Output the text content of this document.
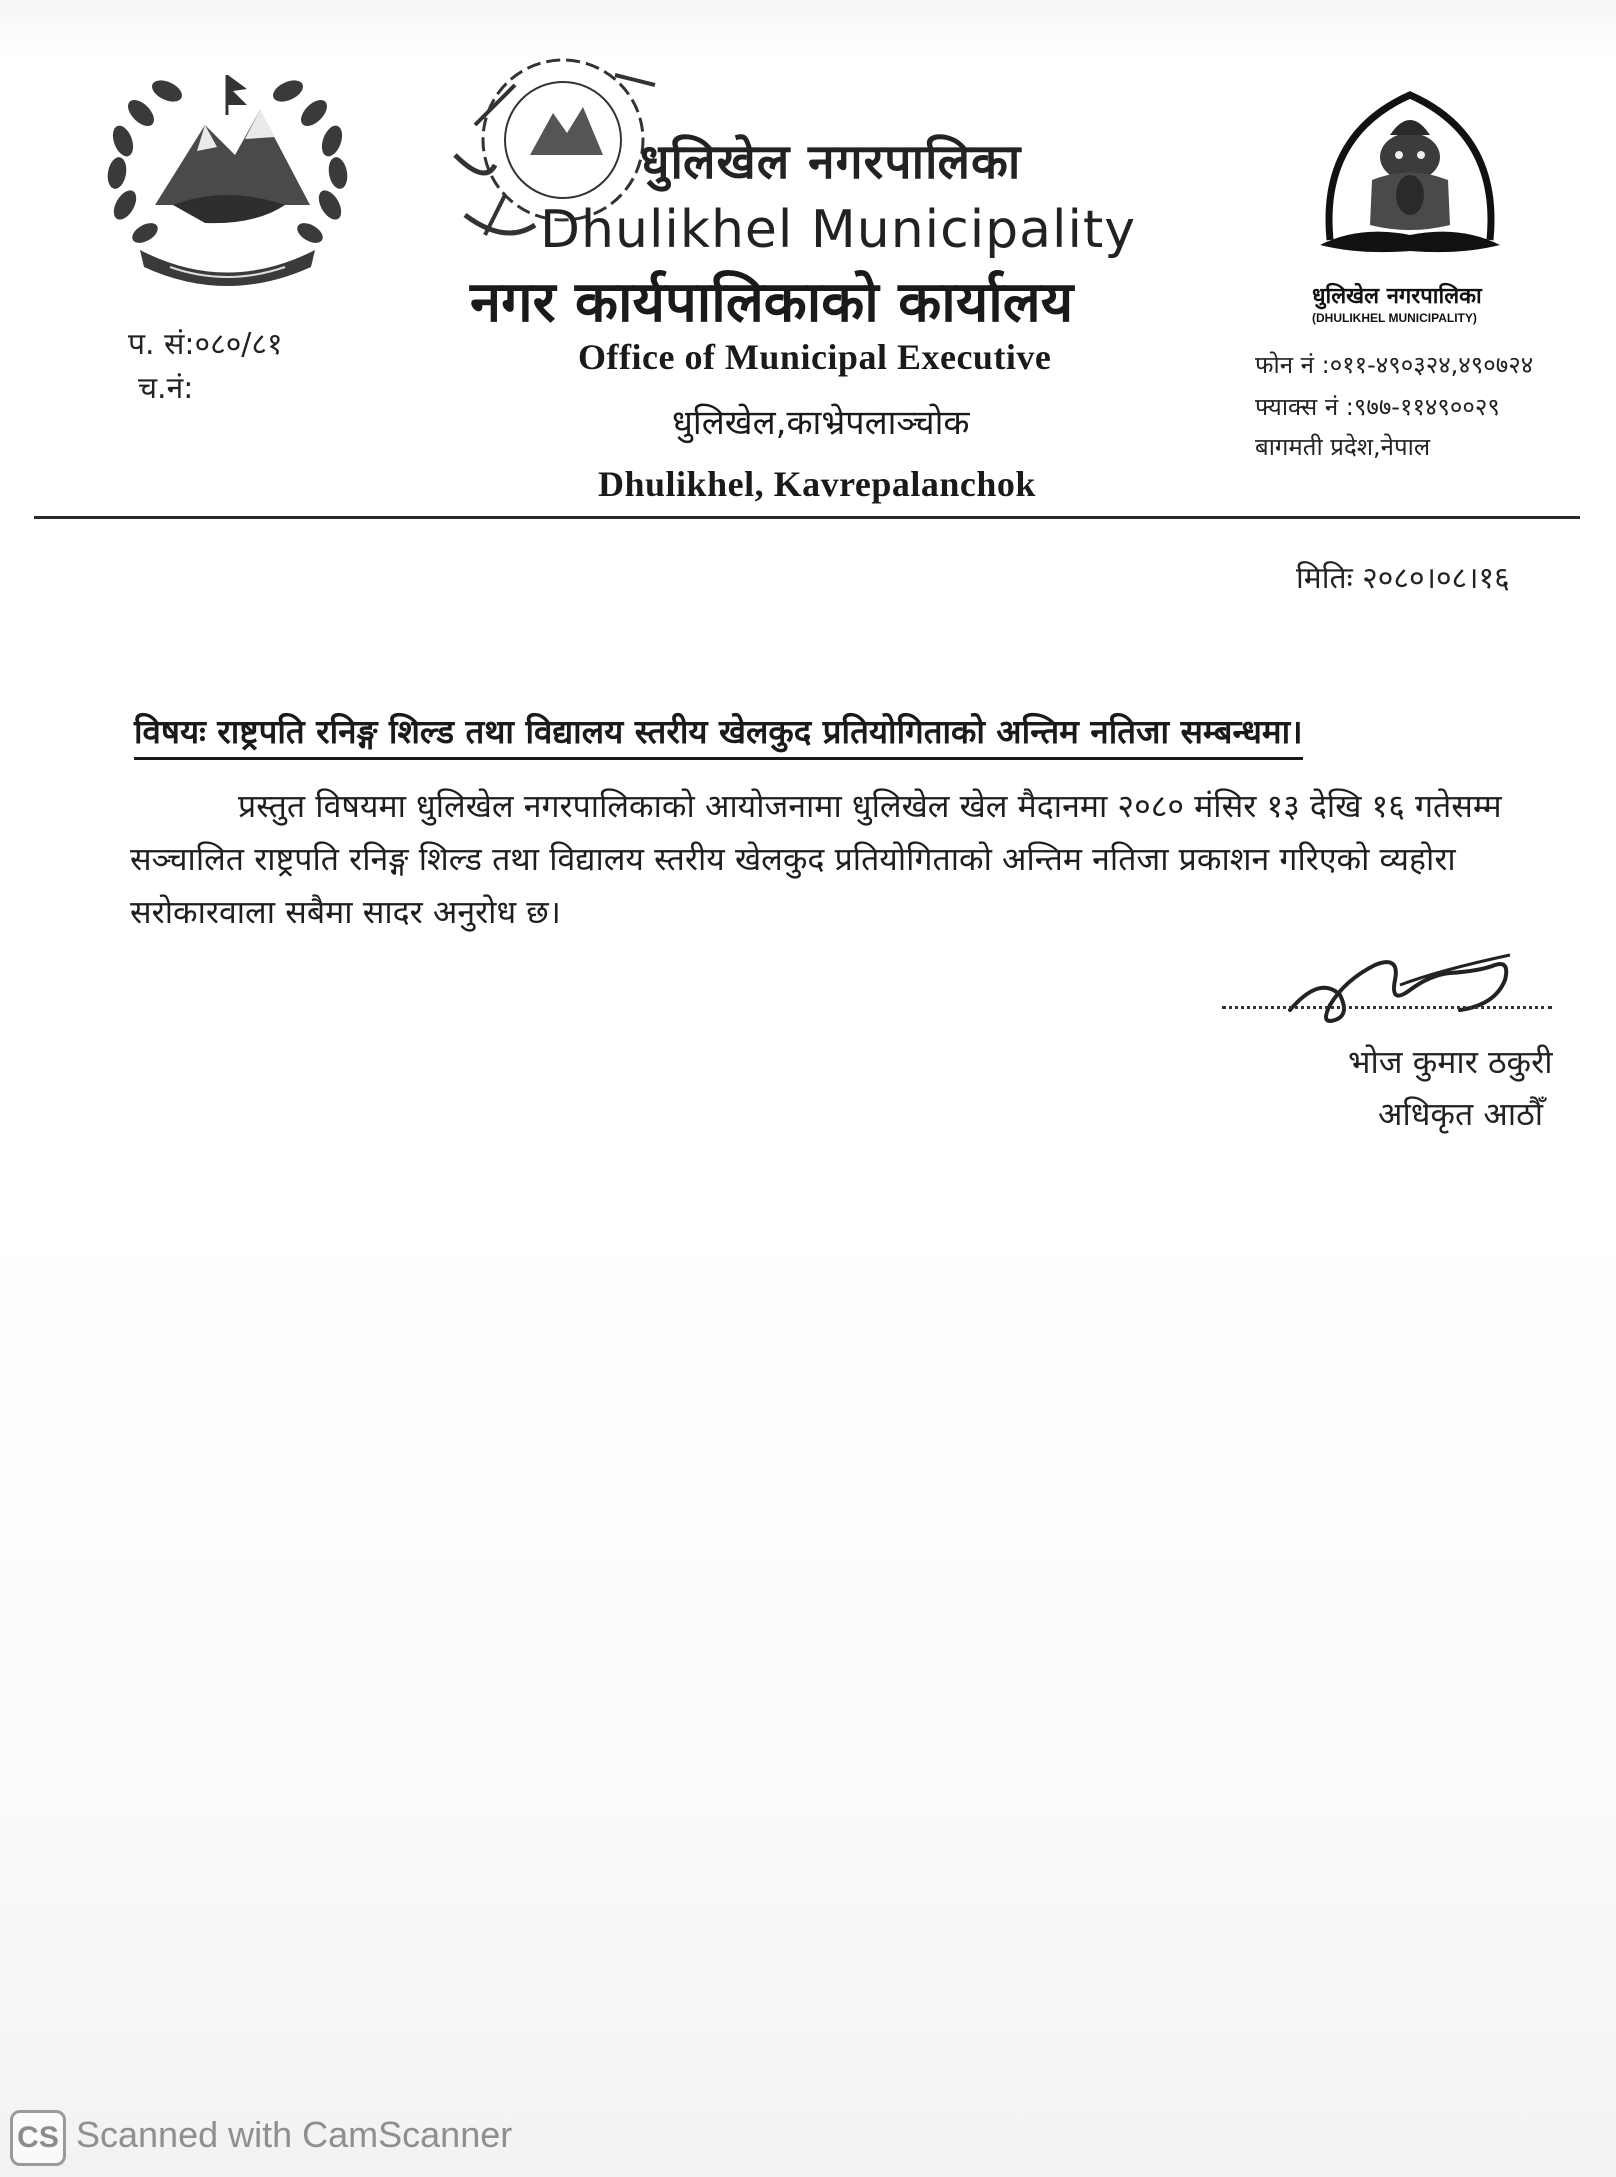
धुलिखेल नगरपालिका
Dhulikhel Municipality
नगर कार्यपालिकाको कार्यालय
Office of Municipal Executive
धुलिखेल,काभ्रेपलाञ्चोक
Dhulikhel, Kavrepalanchok
प. सं:०८०/८१
च.नं:
धुलिखेल नगरपालिका
(DHULIKHEL MUNICIPALITY)
फोन नं :०११-४९०३२४,४९०७२४
फ्याक्स नं :९७७-११४९००२९
बागमती प्रदेश,नेपाल
मितिः २०८०।०८।१६
विषयः राष्ट्रपति रनिङ्ग शिल्ड तथा विद्यालय स्तरीय खेलकुद प्रतियोगिताको अन्तिम नतिजा सम्बन्धमा।
प्रस्तुत विषयमा धुलिखेल नगरपालिकाको आयोजनामा धुलिखेल खेल मैदानमा २०८० मंसिर १३ देखि १६ गतेसम्म सञ्चालित राष्ट्रपति रनिङ्ग शिल्ड तथा विद्यालय स्तरीय खेलकुद प्रतियोगिताको अन्तिम नतिजा प्रकाशन गरिएको व्यहोरा सरोकारवाला सबैमा सादर अनुरोध छ।
भोज कुमार ठकुरी
अधिकृत आठौँ
CS Scanned with CamScanner
